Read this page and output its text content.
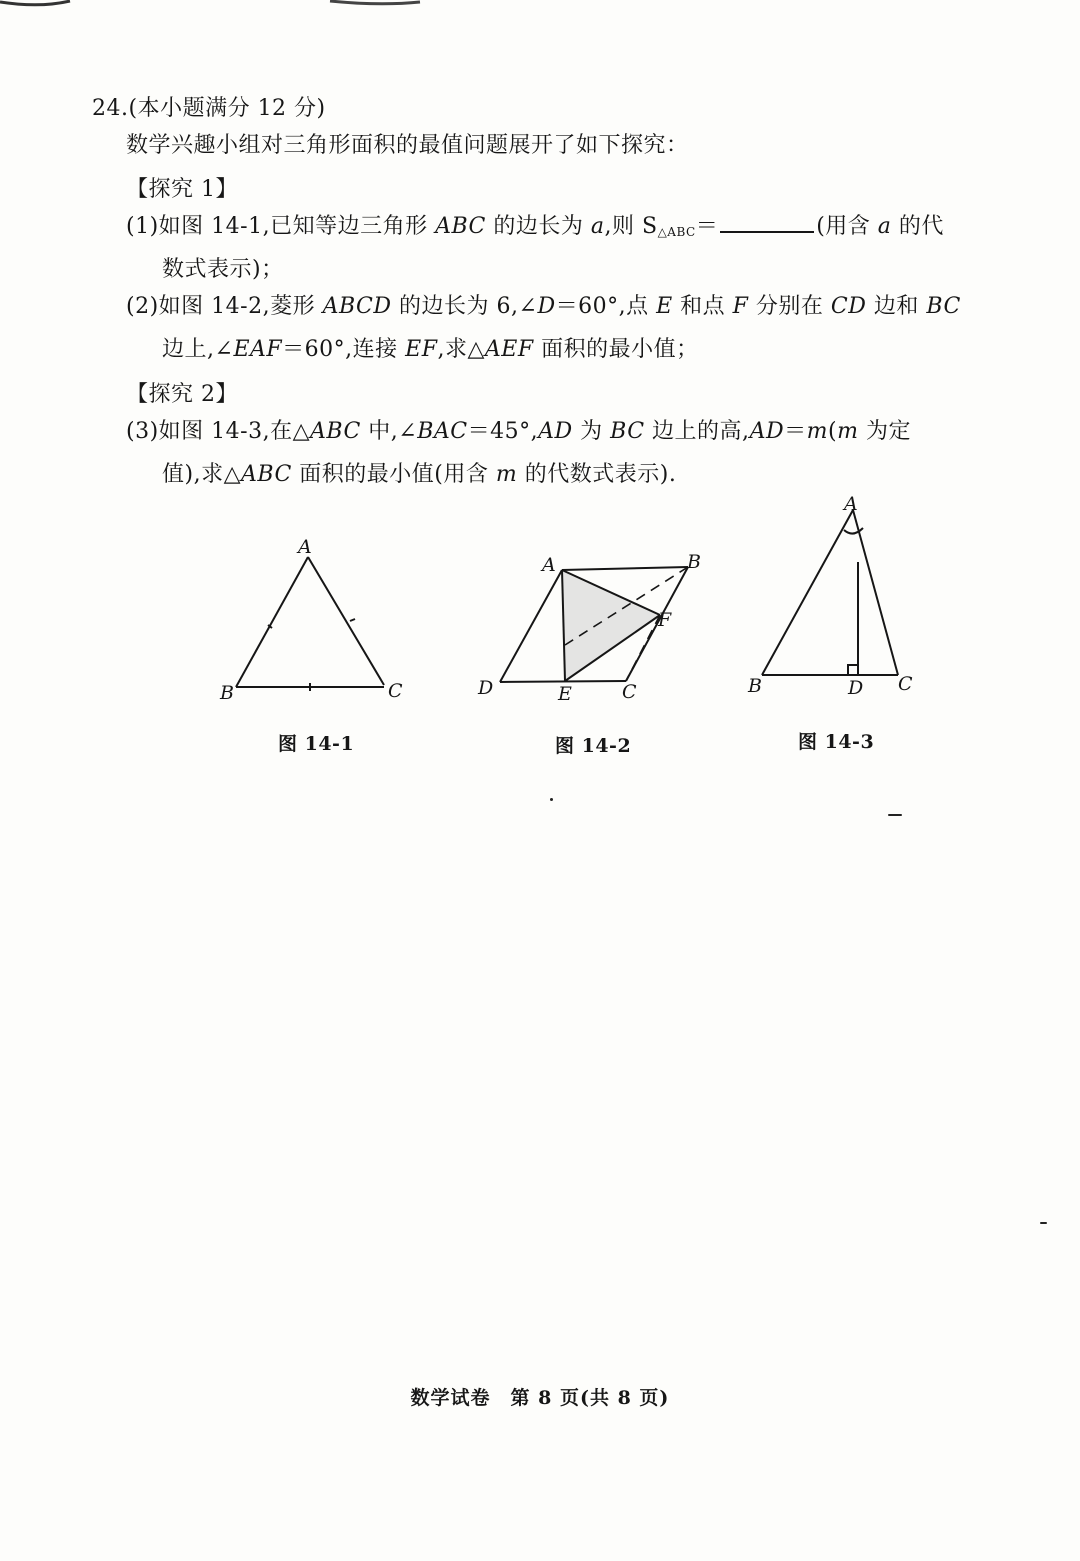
24.(本小题满分 12 分)
数学兴趣小组对三角形面积的最值问题展开了如下探究：
【探究 1】
(1)如图 14-1,已知等边三角形 ABC 的边长为 a,则 $S_{\triangle ABC}=$	(用含 a 的代
数式表示)；
(2)如图 14-2,菱形 ABCD 的边长为 6,∠D＝60°,点 E 和点 F 分别在 CD 边和 BC
边上,∠EAF＝60°,连接 EF,求△AEF 面积的最小值；
【探究 2】
(3)如图 14-3,在△ABC 中,∠BAC＝45°,AD 为 BC 边上的高,AD＝m(m 为定
值),求△ABC 面积的最小值(用含 m 的代数式表示).
A
B	C
图 14-1
A	B
C
D	E
F
图 14-2
A
B	C
D
图 14-3
数学试卷　第 8 页(共 8 页)
